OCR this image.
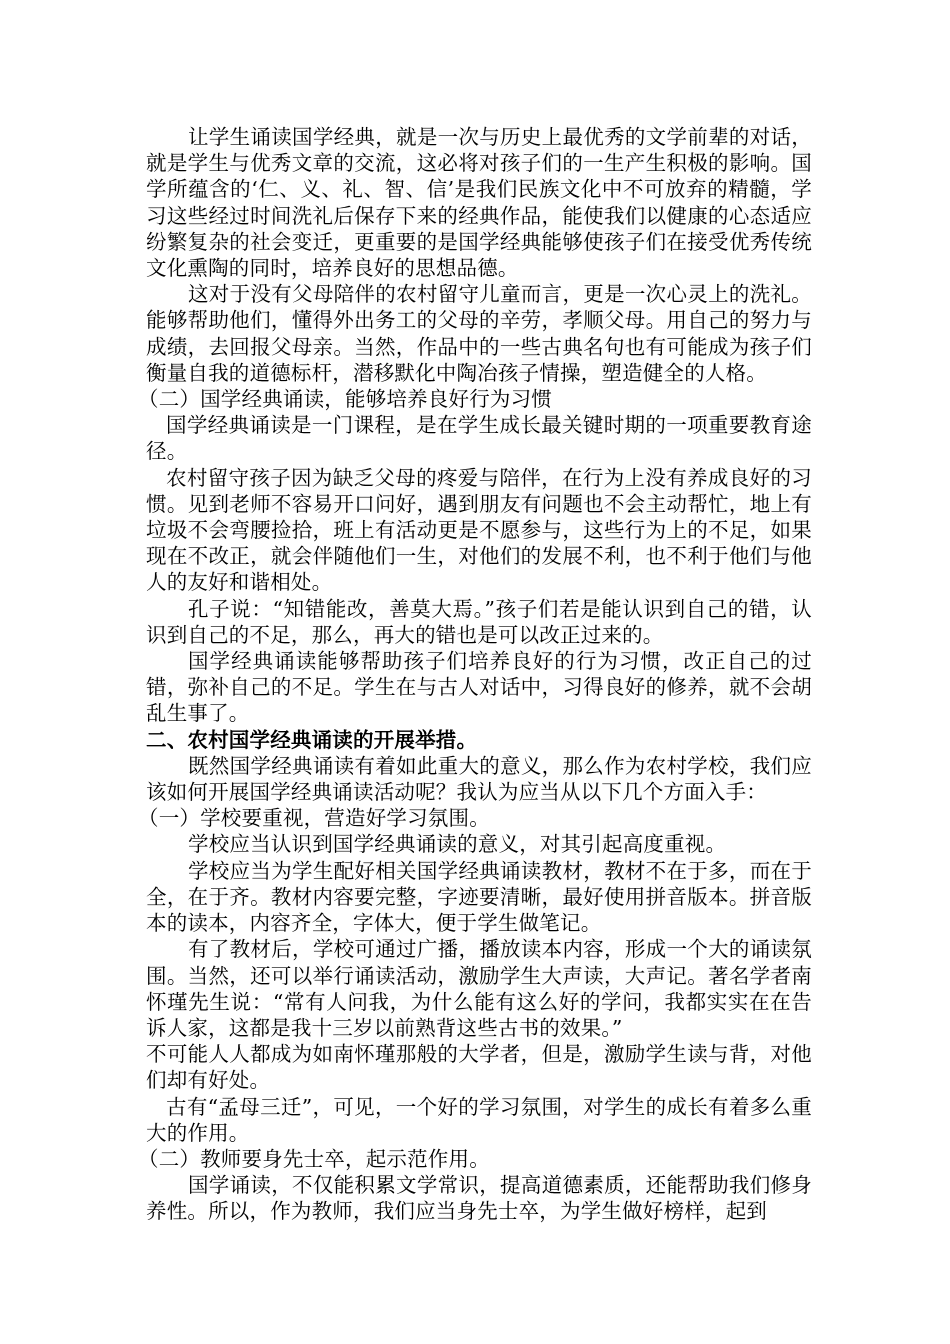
让学生诵读国学经典，就是一次与历史上最优秀的文学前辈的对话，就是学生与优秀文章的交流，这必将对孩子们的一生产生积极的影响。国学所蕴含的‘仁、义、礼、智、信’是我们民族文化中不可放弃的精髓，学习这些经过时间洗礼后保存下来的经典作品，能使我们以健康的心态适应纷繁复杂的社会变迁，更重要的是国学经典能够使孩子们在接受优秀传统文化熏陶的同时，培养良好的思想品德。

这对于没有父母陪伴的农村留守儿童而言，更是一次心灵上的洗礼。能够帮助他们，懂得外出务工的父母的辛劳，孝顺父母。用自己的努力与成绩，去回报父母亲。当然，作品中的一些古典名句也有可能成为孩子们衡量自我的道德标杆，潜移默化中陶冶孩子情操，塑造健全的人格。

（二）国学经典诵读，能够培养良好行为习惯

国学经典诵读是一门课程，是在学生成长最关键时期的一项重要教育途径。

农村留守孩子因为缺乏父母的疼爱与陪伴，在行为上没有养成良好的习惯。见到老师不容易开口问好，遇到朋友有问题也不会主动帮忙，地上有垃圾不会弯腰捡拾，班上有活动更是不愿参与，这些行为上的不足，如果现在不改正，就会伴随他们一生，对他们的发展不利，也不利于他们与他人的友好和谐相处。

孔子说：“知错能改，善莫大焉。”孩子们若是能认识到自己的错，认识到自己的不足，那么，再大的错也是可以改正过来的。

国学经典诵读能够帮助孩子们培养良好的行为习惯，改正自己的过错，弥补自己的不足。学生在与古人对话中，习得良好的修养，就不会胡乱生事了。

二、农村国学经典诵读的开展举措。

既然国学经典诵读有着如此重大的意义，那么作为农村学校，我们应该如何开展国学经典诵读活动呢？我认为应当从以下几个方面入手：

（一）学校要重视，营造好学习氛围。

学校应当认识到国学经典诵读的意义，对其引起高度重视。

学校应当为学生配好相关国学经典诵读教材，教材不在于多，而在于全，在于齐。教材内容要完整，字迹要清晰，最好使用拼音版本。拼音版本的读本，内容齐全，字体大，便于学生做笔记。

有了教材后，学校可通过广播，播放读本内容，形成一个大的诵读氛围。当然，还可以举行诵读活动，激励学生大声读，大声记。著名学者南怀瑾先生说：“常有人问我，为什么能有这么好的学问，我都实实在在告诉人家，这都是我十三岁以前熟背这些古书的效果。”

不可能人人都成为如南怀瑾那般的大学者，但是，激励学生读与背，对他们却有好处。

古有“孟母三迁”，可见，一个好的学习氛围，对学生的成长有着多么重大的作用。

（二）教师要身先士卒，起示范作用。

国学诵读，不仅能积累文学常识，提高道德素质，还能帮助我们修身养性。所以，作为教师，我们应当身先士卒，为学生做好榜样，起到
